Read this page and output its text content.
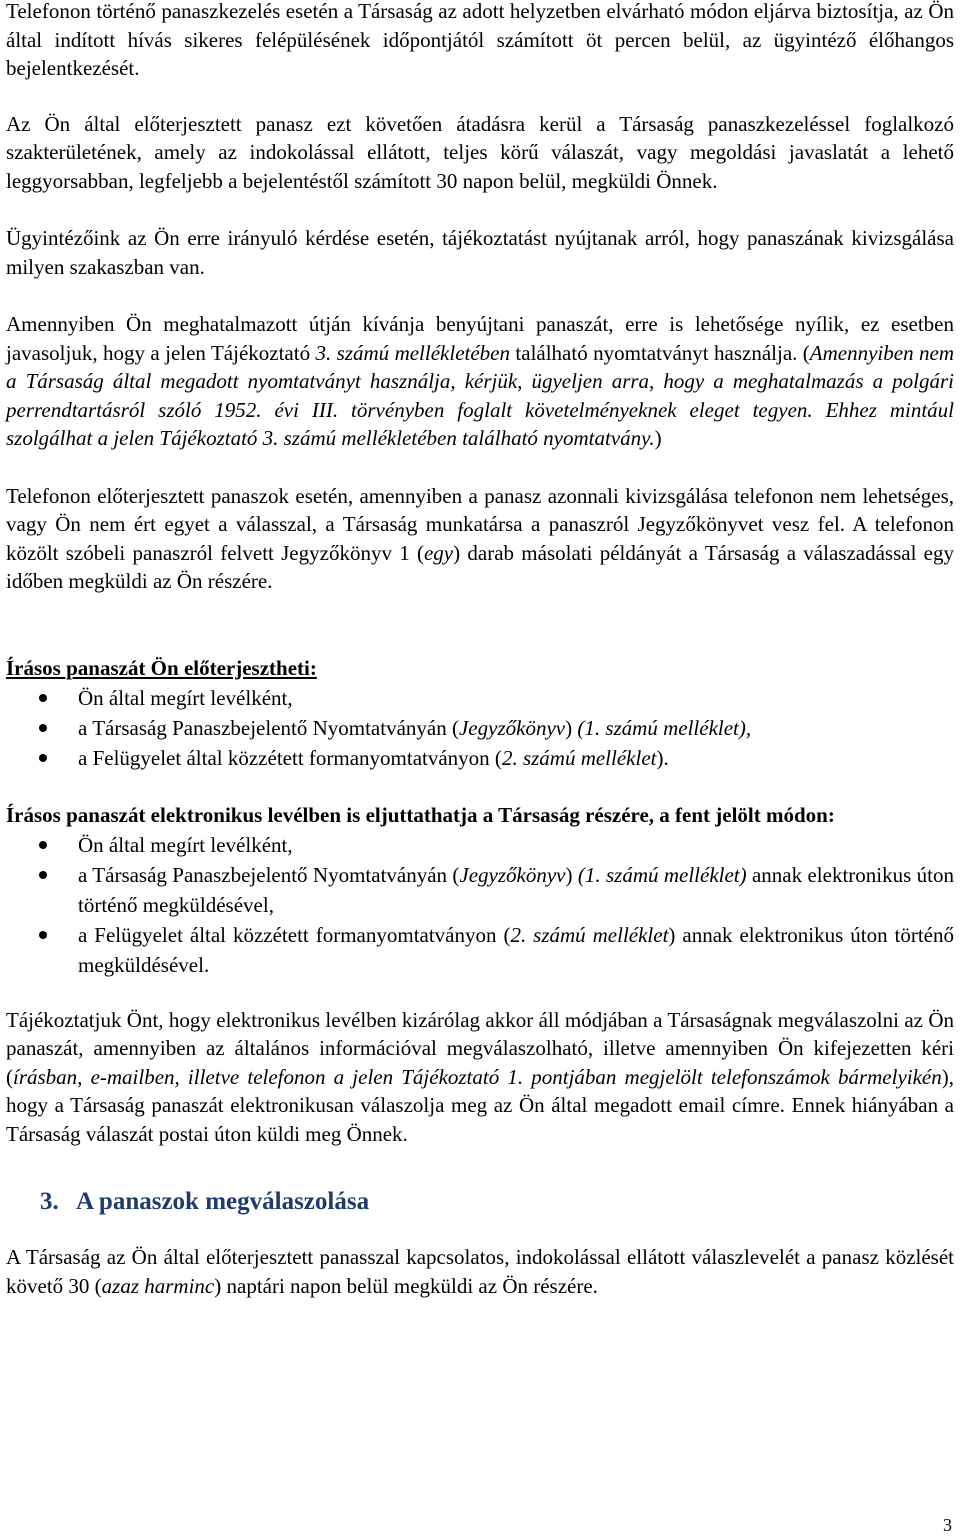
Telefonon történő panaszkezelés esetén a Társaság az adott helyzetben elvárható módon eljárva biztosítja, az Ön által indított hívás sikeres felépülésének időpontjától számított öt percen belül, az ügyintéző élőhangos bejelentkezését.

Az Ön által előterjesztett panasz ezt követően átadásra kerül a Társaság panaszkezeléssel foglalkozó szakterületének, amely az indokolással ellátott, teljes körű válaszát, vagy megoldási javaslatát a lehető leggyorsabban, legfeljebb a bejelentéstől számított 30 napon belül, megküldi Önnek.

Ügyintézőink az Ön erre irányuló kérdése esetén, tájékoztatást nyújtanak arról, hogy panaszának kivizsgálása milyen szakaszban van.

Amennyiben Ön meghatalmazott útján kívánja benyújtani panaszát, erre is lehetősége nyílik, ez esetben javasoljuk, hogy a jelen Tájékoztató 3. számú mellékletében található nyomtatványt használja. (Amennyiben nem a Társaság által megadott nyomtatványt használja, kérjük, ügyeljen arra, hogy a meghatalmazás a polgári perrendtartásról szóló 1952. évi III. törvényben foglalt követelményeknek eleget tegyen. Ehhez mintául szolgálhat a jelen Tájékoztató 3. számú mellékletében található nyomtatvány.)

Telefonon előterjesztett panaszok esetén, amennyiben a panasz azonnali kivizsgálása telefonon nem lehetséges, vagy Ön nem ért egyet a válasszal, a Társaság munkatársa a panaszról Jegyzőkönyvet vesz fel. A telefonon közölt szóbeli panaszról felvett Jegyzőkönyv 1 (egy) darab másolati példányát a Társaság a válaszadással egy időben megküldi az Ön részére.

Írásos panaszát Ön előterjesztheti:

Ön által megírt levélként,
a Társaság Panaszbejelentő Nyomtatványán (Jegyzőkönyv) (1. számú melléklet),
a Felügyelet által közzétett formanyomtatványon (2. számú melléklet).

Írásos panaszát elektronikus levélben is eljuttathatja a Társaság részére, a fent jelölt módon:

Ön által megírt levélként,
a Társaság Panaszbejelentő Nyomtatványán (Jegyzőkönyv) (1. számú melléklet) annak elektronikus úton történő megküldésével,
a Felügyelet által közzétett formanyomtatványon (2. számú melléklet) annak elektronikus úton történő megküldésével.

Tájékoztatjuk Önt, hogy elektronikus levélben kizárólag akkor áll módjában a Társaságnak megválaszolni az Ön panaszát, amennyiben az általános információval megválaszolható, illetve amennyiben Ön kifejezetten kéri (írásban, e-mailben, illetve telefonon a jelen Tájékoztató 1. pontjában megjelölt telefonszámok bármelyikén), hogy a Társaság panaszát elektronikusan válaszolja meg az Ön által megadott email címre. Ennek hiányában a Társaság válaszát postai úton küldi meg Önnek.

3. A panaszok megválaszolása

A Társaság az Ön által előterjesztett panasszal kapcsolatos, indokolással ellátott válaszlevelét a panasz közlését követő 30 (azaz harminc) naptári napon belül megküldi az Ön részére.

3
